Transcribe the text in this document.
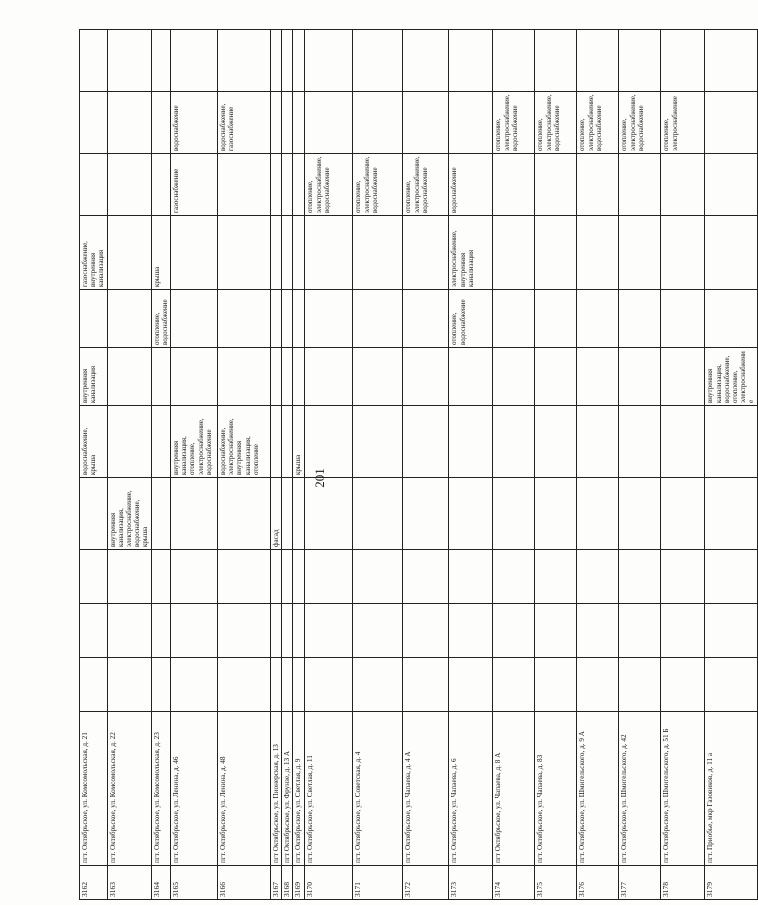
201
3162	пгт. Октябрьское, ул. Комсомольская, д. 21					водоснабжение, крыша	внутренняя канализация		газоснабжение, внутренняя канализация			
3163	пгт. Октябрьское, ул. Комсомольская, д. 22				внутренняя канализация, электроснабжение, водоснабжение, крыша							
3164	пгт. Октябрьское, ул. Комсомольская, д. 23							отопление, водоснабжение	крыша			
3165	пгт. Октябрьское, ул. Ленина, д. 46					внутренняя канализация, отопление, электроснабжение, водоснабжение				газоснабжение	водоснабжение	
3166	пгт. Октябрьское, ул. Ленина, д. 48					водоснабжение, электроснабжение, внутренняя канализация, отопление					водоснабжение, газоснабжение	
3167	пгт Октябрьское, ул. Пионерская, д. 13				фасад							
3168	пгт Октябрьское, ул. Фрунзе, д. 13 А											
3169	пгт. Октябрьское, ул. Светлая, д. 9					крыша						
3170	пгт. Октябрьское, ул. Светлая, д. 11									отопление, электроснабжение, водоснабжение		
3171	пгт. Октябрьское, ул. Советская, д. 4									отопление, электроснабжение, водоснабжение		
3172	пгт. Октябрьское, ул. Чапаева, д. 4 А									отопление, электроснабжение, водоснабжение		
3173	пгт. Октябрьское, ул. Чапаева, д. 6							отопление, водоснабжение	электроснабжение, внутренняя канализация	водоснабжение		
3174	пгт Октябрьское, ул. Чапаева, д. 8 А										отопление, электроснабжение, водоснабжение	
3175	пгт. Октябрьское, ул. Чапаева, д. 83										отопление, электроснабжение, водоснабжение	
3176	пгт. Октябрьское, ул. Шмигельского, д. 9 А										отопление, электроснабжение, водоснабжение	
3177	пгт. Октябрьское, ул. Шмигельского, д. 42										отопление, электроснабжение, водоснабжение	
3178	пгт. Октябрьское, ул. Шмигельского, д. 51 Б										отопление, электроснабжение	
3179	пгт. Приобье, мкр Газовиков, д. 11 а						внутренняя канализация, водоснабжение, отопление, электроснабжение					
